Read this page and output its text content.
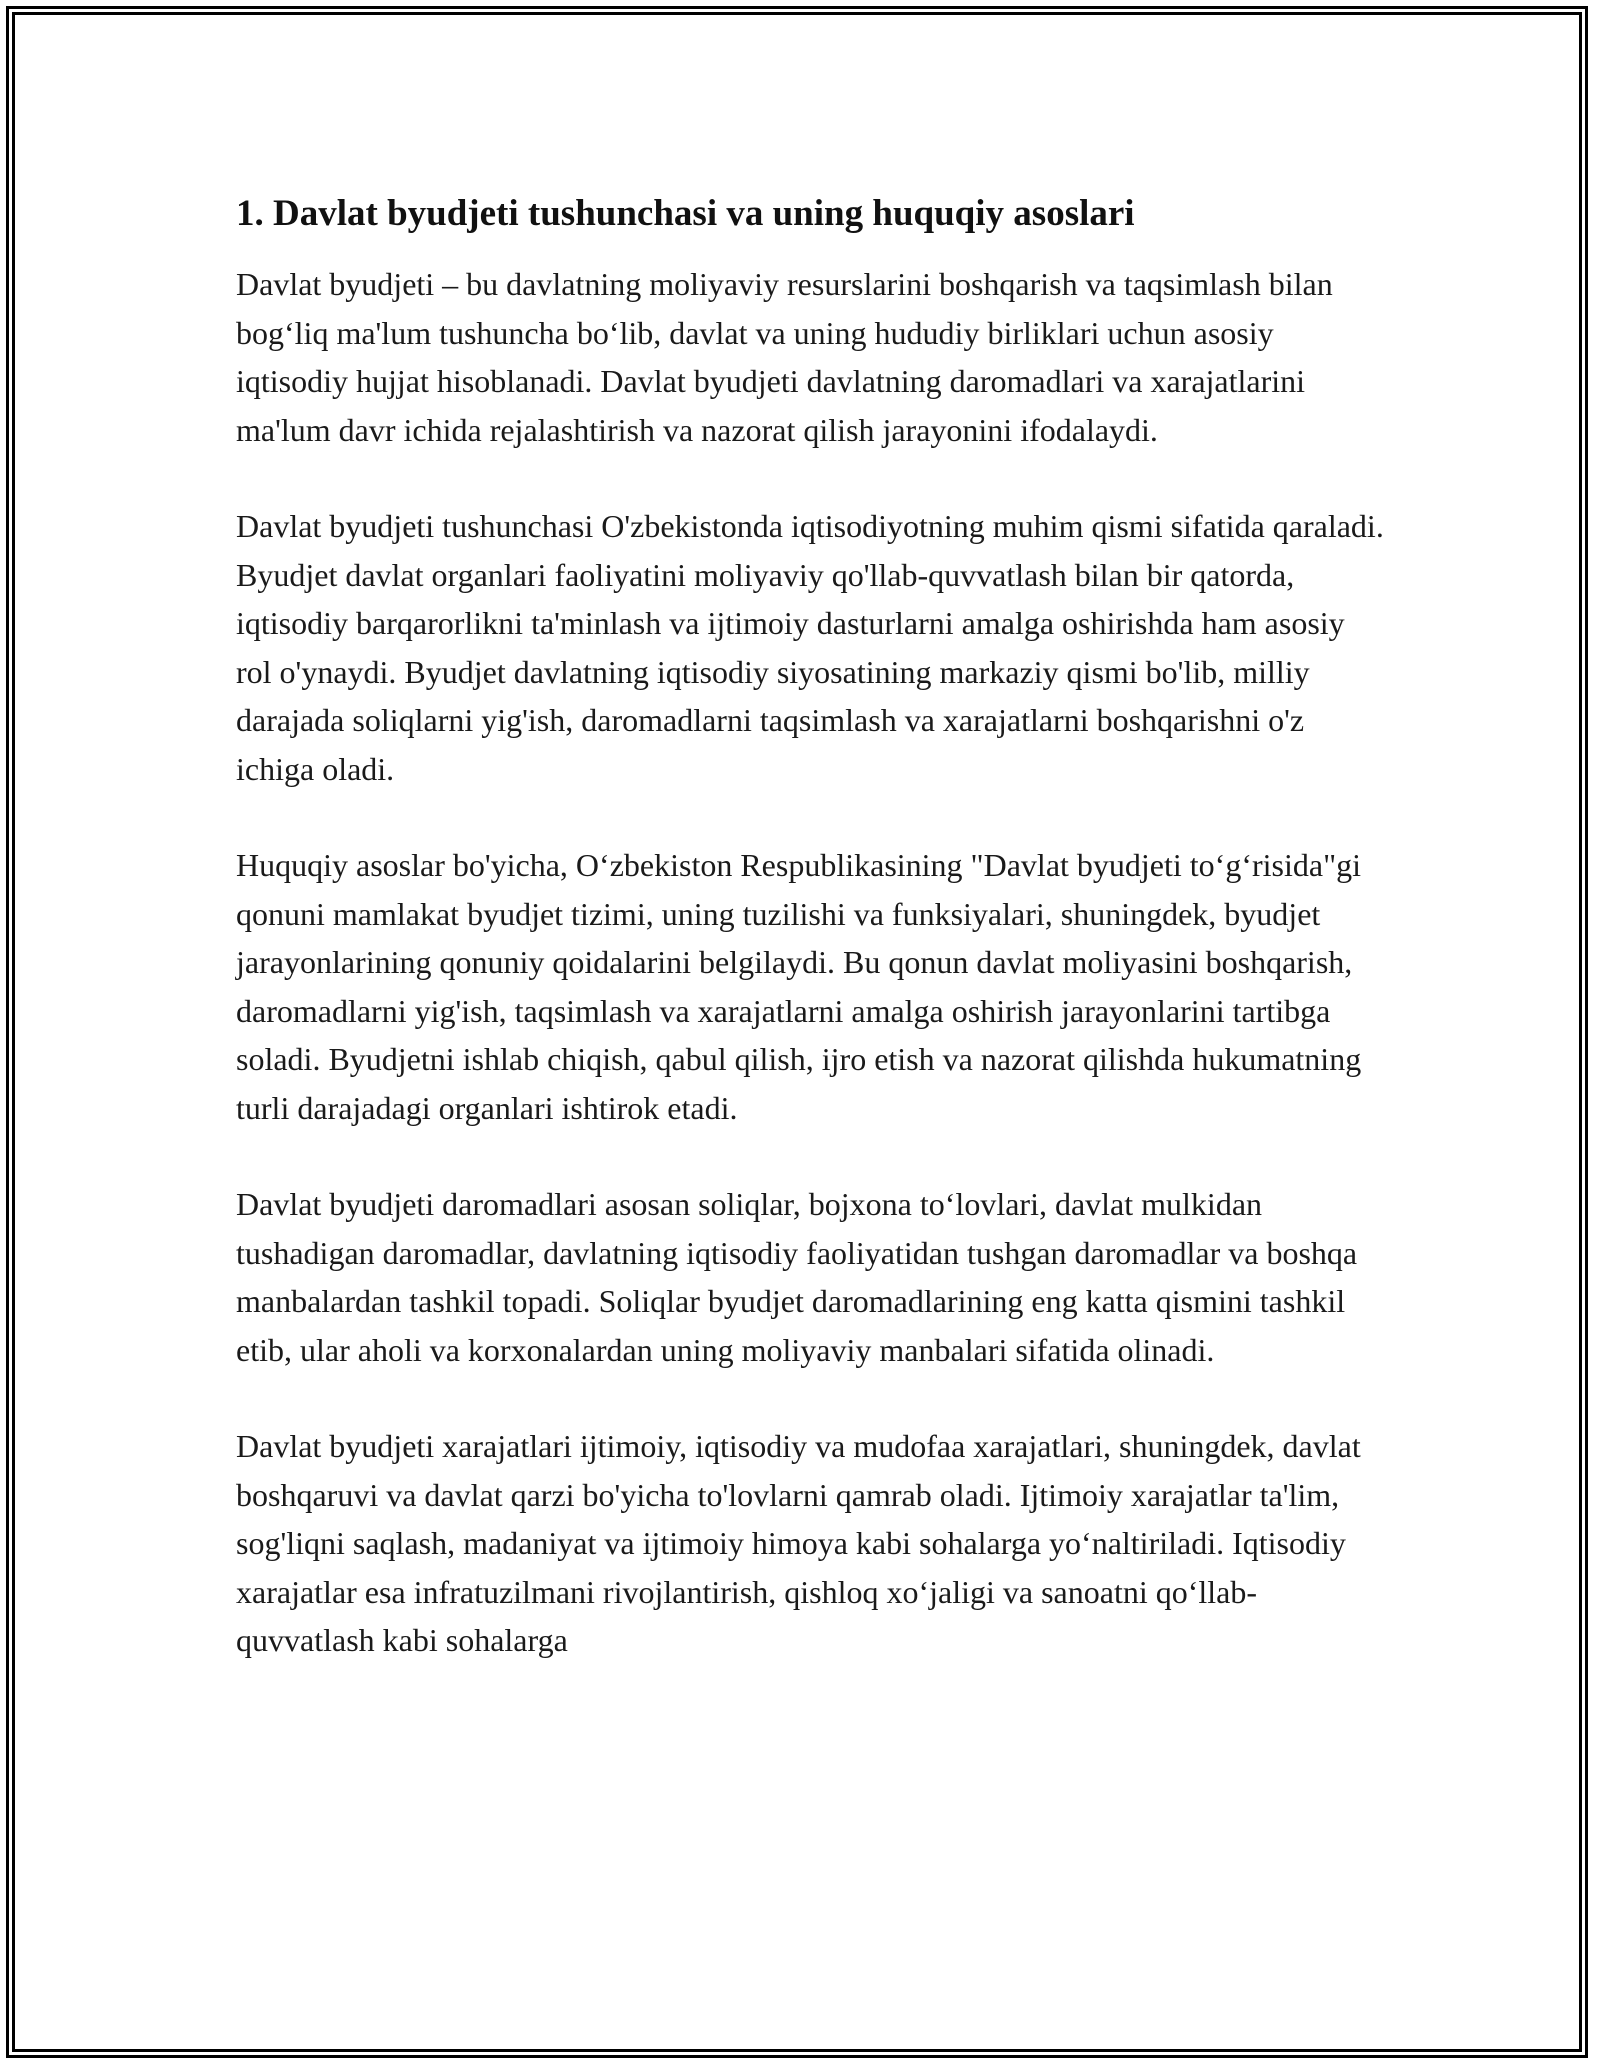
1. Davlat byudjeti tushunchasi va uning huquqiy asoslari

Davlat byudjeti – bu davlatning moliyaviy resurslarini boshqarish va taqsimlash bilan bog‘liq ma'lum tushuncha bo‘lib, davlat va uning hududiy birliklari uchun asosiy iqtisodiy hujjat hisoblanadi. Davlat byudjeti davlatning daromadlari va xarajatlarini ma'lum davr ichida rejalashtirish va nazorat qilish jarayonini ifodalaydi.

Davlat byudjeti tushunchasi O'zbekistonda iqtisodiyotning muhim qismi sifatida qaraladi. Byudjet davlat organlari faoliyatini moliyaviy qo'llab-quvvatlash bilan bir qatorda, iqtisodiy barqarorlikni ta'minlash va ijtimoiy dasturlarni amalga oshirishda ham asosiy rol o'ynaydi. Byudjet davlatning iqtisodiy siyosatining markaziy qismi bo'lib, milliy darajada soliqlarni yig'ish, daromadlarni taqsimlash va xarajatlarni boshqarishni o'z ichiga oladi.

Huquqiy asoslar bo'yicha, O‘zbekiston Respublikasining "Davlat byudjeti to‘g‘risida"gi qonuni mamlakat byudjet tizimi, uning tuzilishi va funksiyalari, shuningdek, byudjet jarayonlarining qonuniy qoidalarini belgilaydi. Bu qonun davlat moliyasini boshqarish, daromadlarni yig'ish, taqsimlash va xarajatlarni amalga oshirish jarayonlarini tartibga soladi. Byudjetni ishlab chiqish, qabul qilish, ijro etish va nazorat qilishda hukumatning turli darajadagi organlari ishtirok etadi.

Davlat byudjeti daromadlari asosan soliqlar, bojxona to‘lovlari, davlat mulkidan tushadigan daromadlar, davlatning iqtisodiy faoliyatidan tushgan daromadlar va boshqa manbalardan tashkil topadi. Soliqlar byudjet daromadlarining eng katta qismini tashkil etib, ular aholi va korxonalardan uning moliyaviy manbalari sifatida olinadi.

Davlat byudjeti xarajatlari ijtimoiy, iqtisodiy va mudofaa xarajatlari, shuningdek, davlat boshqaruvi va davlat qarzi bo'yicha to'lovlarni qamrab oladi. Ijtimoiy xarajatlar ta'lim, sog'liqni saqlash, madaniyat va ijtimoiy himoya kabi sohalarga yo‘naltiriladi. Iqtisodiy xarajatlar esa infratuzilmani rivojlantirish, qishloq xo‘jaligi va sanoatni qo‘llab-quvvatlash kabi sohalarga
